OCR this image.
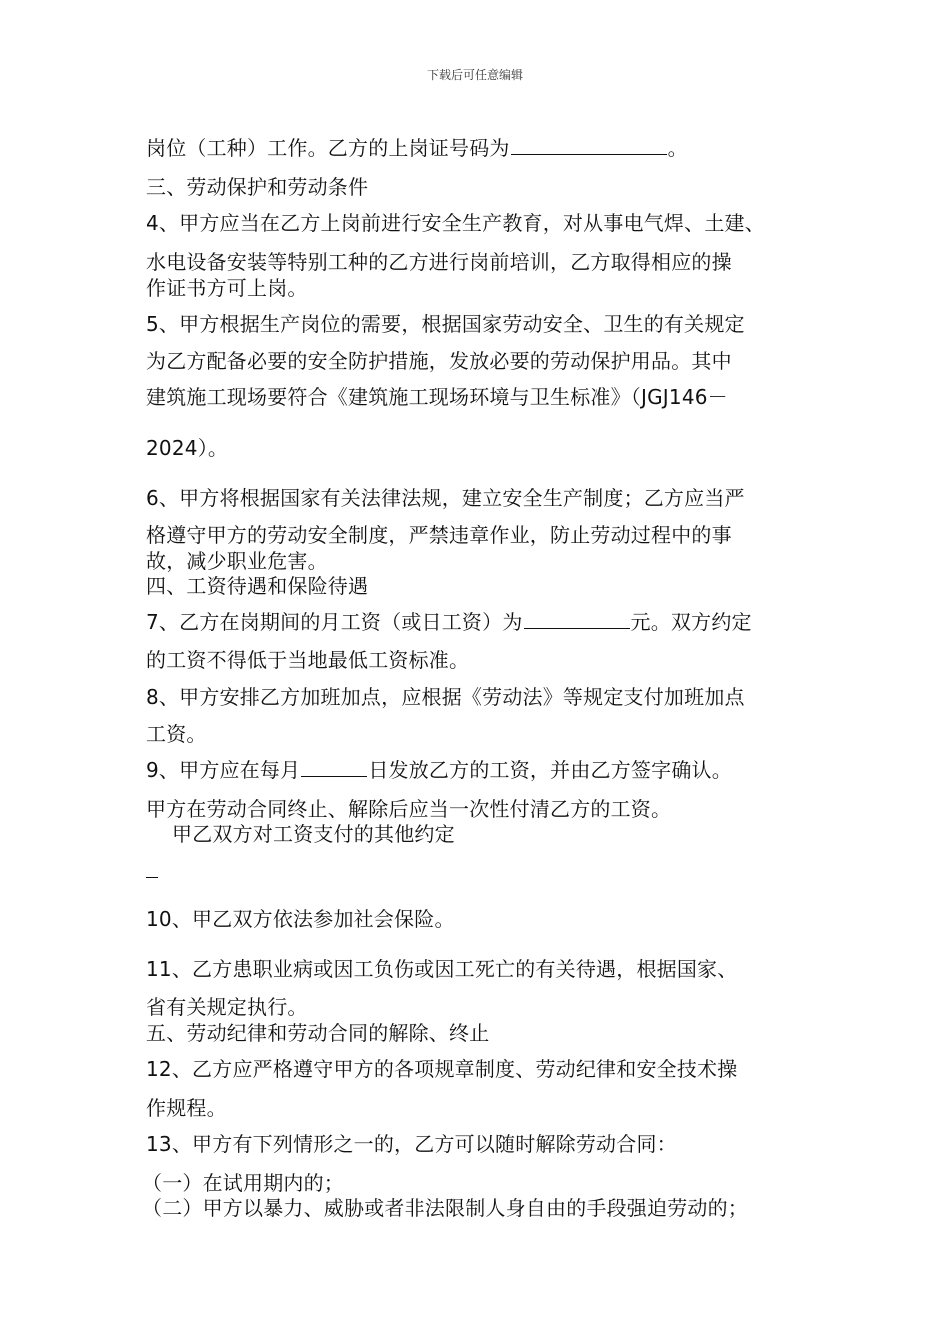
下载后可任意编辑
岗位（工种）工作。乙方的上岗证号码为	。
三、劳动保护和劳动条件
4、甲方应当在乙方上岗前进行安全生产教育，对从事电气焊、土建、
水电设备安装等特别工种的乙方进行岗前培训，乙方取得相应的操
作证书方可上岗。
5、甲方根据生产岗位的需要，根据国家劳动安全、卫生的有关规定
为乙方配备必要的安全防护措施，发放必要的劳动保护用品。其中
建筑施工现场要符合《建筑施工现场环境与卫生标准》（JGJ146－
2024）。
6、甲方将根据国家有关法律法规，建立安全生产制度；乙方应当严
格遵守甲方的劳动安全制度，严禁违章作业，防止劳动过程中的事
故，减少职业危害。
四、工资待遇和保险待遇
7、乙方在岗期间的月工资（或日工资）为	元。双方约定
的工资不得低于当地最低工资标准。
8、甲方安排乙方加班加点，应根据《劳动法》等规定支付加班加点
工资。
9、甲方应在每月	日发放乙方的工资，并由乙方签字确认。
甲方在劳动合同终止、解除后应当一次性付清乙方的工资。
甲乙双方对工资支付的其他约定
10、甲乙双方依法参加社会保险。
11、乙方患职业病或因工负伤或因工死亡的有关待遇，根据国家、
省有关规定执行。
五、劳动纪律和劳动合同的解除、终止
12、乙方应严格遵守甲方的各项规章制度、劳动纪律和安全技术操
作规程。
13、甲方有下列情形之一的，乙方可以随时解除劳动合同：
（一）在试用期内的；
（二）甲方以暴力、威胁或者非法限制人身自由的手段强迫劳动的；
